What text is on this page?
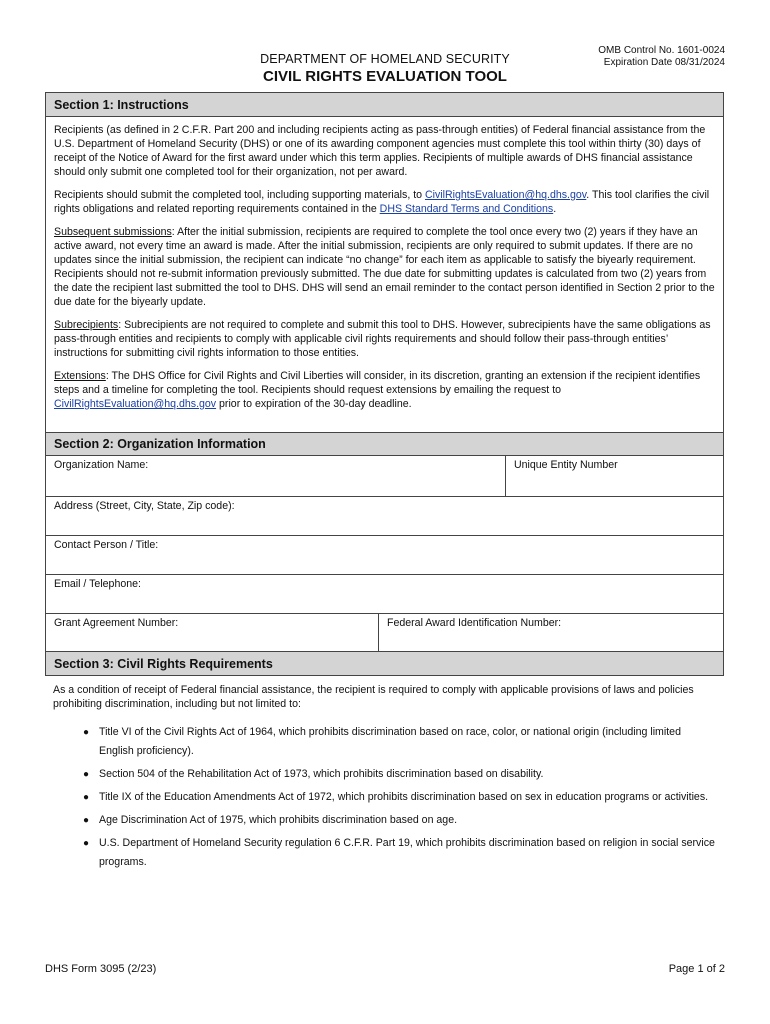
DEPARTMENT OF HOMELAND SECURITY
CIVIL RIGHTS EVALUATION TOOL
OMB Control No. 1601-0024
Expiration Date 08/31/2024
Section 1: Instructions

Recipients (as defined in 2 C.F.R. Part 200 and including recipients acting as pass-through entities) of Federal financial assistance from the U.S. Department of Homeland Security (DHS) or one of its awarding component agencies must complete this tool within thirty (30) days of receipt of the Notice of Award for the first award under which this term applies. Recipients of multiple awards of DHS financial assistance should only submit one completed tool for their organization, not per award.

Recipients should submit the completed tool, including supporting materials, to CivilRightsEvaluation@hq.dhs.gov. This tool clarifies the civil rights obligations and related reporting requirements contained in the DHS Standard Terms and Conditions.

Subsequent submissions: After the initial submission, recipients are required to complete the tool once every two (2) years if they have an active award, not every time an award is made. After the initial submission, recipients are only required to submit updates. If there are no updates since the initial submission, the recipient can indicate “no change” for each item as applicable to satisfy the biyearly requirement. Recipients should not re-submit information previously submitted. The due date for submitting updates is calculated from two (2) years from the date the recipient last submitted the tool to DHS. DHS will send an email reminder to the contact person identified in Section 2 prior to the due date for the biyearly update.

Subrecipients: Subrecipients are not required to complete and submit this tool to DHS. However, subrecipients have the same obligations as pass-through entities and recipients to comply with applicable civil rights requirements and should follow their pass-through entities’ instructions for submitting civil rights information to those entities.

Extensions: The DHS Office for Civil Rights and Civil Liberties will consider, in its discretion, granting an extension if the recipient identifies steps and a timeline for completing the tool. Recipients should request extensions by emailing the request to CivilRightsEvaluation@hq.dhs.gov prior to expiration of the 30-day deadline.

Section 2: Organization Information
Organization Name:	Unique Entity Number
Address (Street, City, State, Zip code):
Contact Person / Title:
Email / Telephone:
Grant Agreement Number:	Federal Award Identification Number:
Section 3: Civil Rights Requirements

As a condition of receipt of Federal financial assistance, the recipient is required to comply with applicable provisions of laws and policies prohibiting discrimination, including but not limited to:

● Title VI of the Civil Rights Act of 1964, which prohibits discrimination based on race, color, or national origin (including limited English proficiency).
● Section 504 of the Rehabilitation Act of 1973, which prohibits discrimination based on disability.
● Title IX of the Education Amendments Act of 1972, which prohibits discrimination based on sex in education programs or activities.
● Age Discrimination Act of 1975, which prohibits discrimination based on age.
● U.S. Department of Homeland Security regulation 6 C.F.R. Part 19, which prohibits discrimination based on religion in social service programs.
DHS Form 3095 (2/23)	Page 1 of 2
